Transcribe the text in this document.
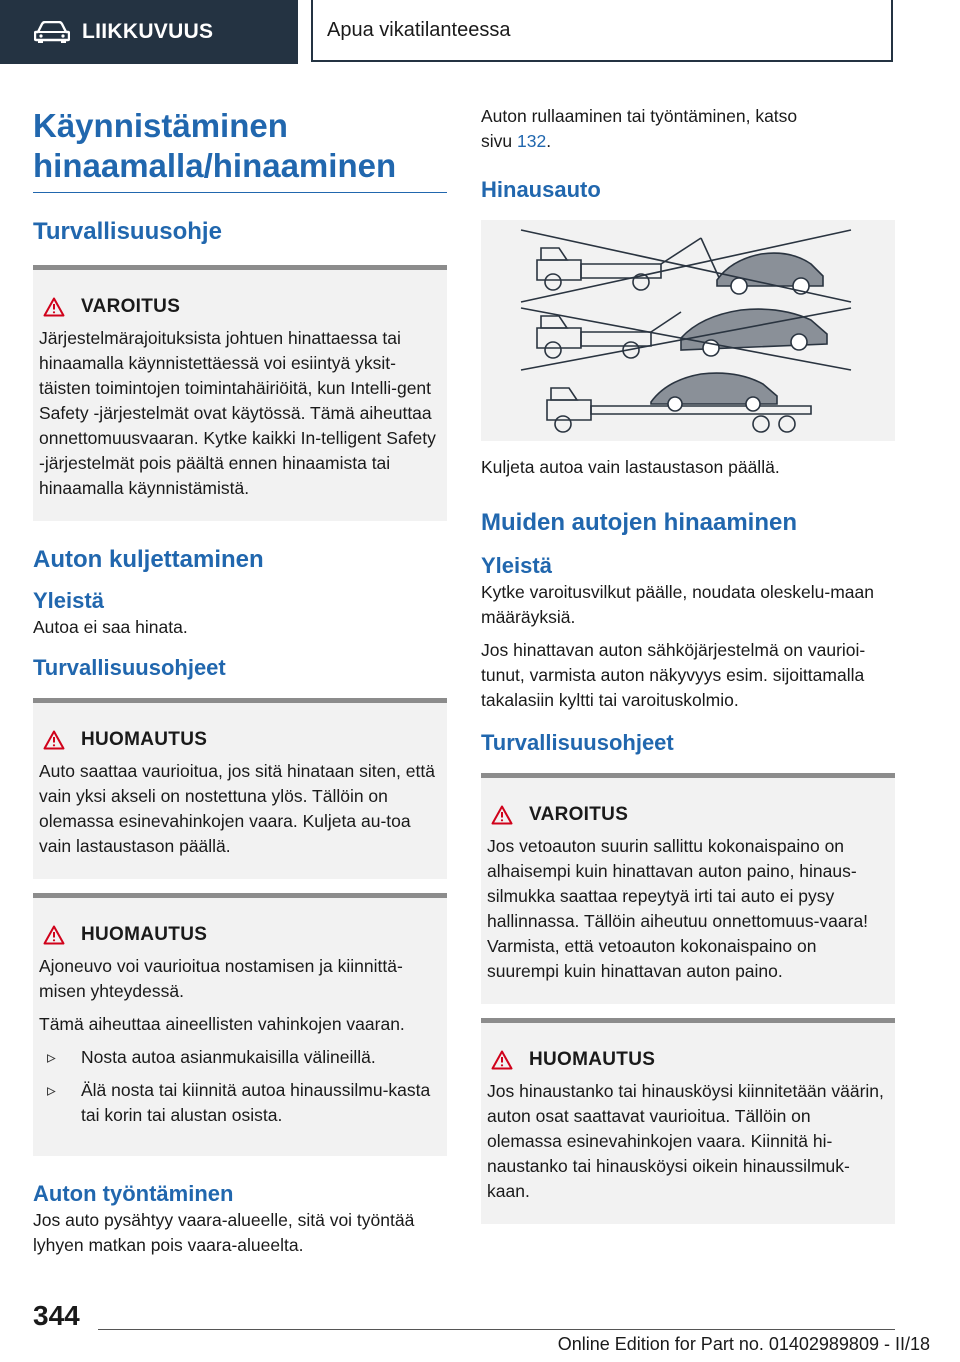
LIIKKUVUUS	Apua vikatilanteessa
Käynnistäminen hinaamalla/hinaaminen
Turvallisuusohje
VAROITUS

Järjestelmärajoituksista johtuen hinattaessa tai hinaamalla käynnistettäessä voi esiintyä yksit-täisten toimintojen toimintahäiriöitä, kun Intelli-gent Safety -järjestelmät ovat käytössä. Tämä aiheuttaa onnettomuusvaaran. Kytke kaikki In-telligent Safety -järjestelmät pois päältä ennen hinaamista tai hinaamalla käynnistämistä.

Auton kuljettaminen
Yleistä

Autoa ei saa hinata.

Turvallisuusohjeet
HUOMAUTUS

Auto saattaa vaurioitua, jos sitä hinataan siten, että vain yksi akseli on nostettuna ylös. Tällöin on olemassa esinevahinkojen vaara. Kuljeta au-toa vain lastaustason päällä.

HUOMAUTUS

Ajoneuvo voi vaurioitua nostamisen ja kiinnittä-misen yhteydessä.

Tämä aiheuttaa aineellisten vahinkojen vaaran.

▹	Nosta autoa asianmukaisilla välineillä.
▹	Älä nosta tai kiinnitä autoa hinaussilmu-kasta tai korin tai alustan osista.
Auton työntäminen

Jos auto pysähtyy vaara-alueelle, sitä voi työntää lyhyen matkan pois vaara-alueelta.

Auton rullaaminen tai työntäminen, katso
sivu 132.

Hinausauto

Kuljeta autoa vain lastaustason päällä.

Muiden autojen hinaaminen
Yleistä

Kytke varoitusvilkut päälle, noudata oleskelu-maan määräyksiä.

Jos hinattavan auton sähköjärjestelmä on vaurioi-tunut, varmista auton näkyvyys esim. sijoittamalla takalasiin kyltti tai varoituskolmio.

Turvallisuusohjeet
VAROITUS

Jos vetoauton suurin sallittu kokonaispaino on alhaisempi kuin hinattavan auton paino, hinaus-silmukka saattaa repeytyä irti tai auto ei pysy hallinnassa. Tällöin aiheutuu onnettomuus-vaara! Varmista, että vetoauton kokonaispaino on suurempi kuin hinattavan auton paino.

HUOMAUTUS

Jos hinaustanko tai hinausköysi kiinnitetään väärin, auton osat saattavat vaurioitua. Tällöin on olemassa esinevahinkojen vaara. Kiinnitä hi-naustanko tai hinausköysi oikein hinaussilmuk-kaan.

344
Online Edition for Part no. 01402989809 - II/18
